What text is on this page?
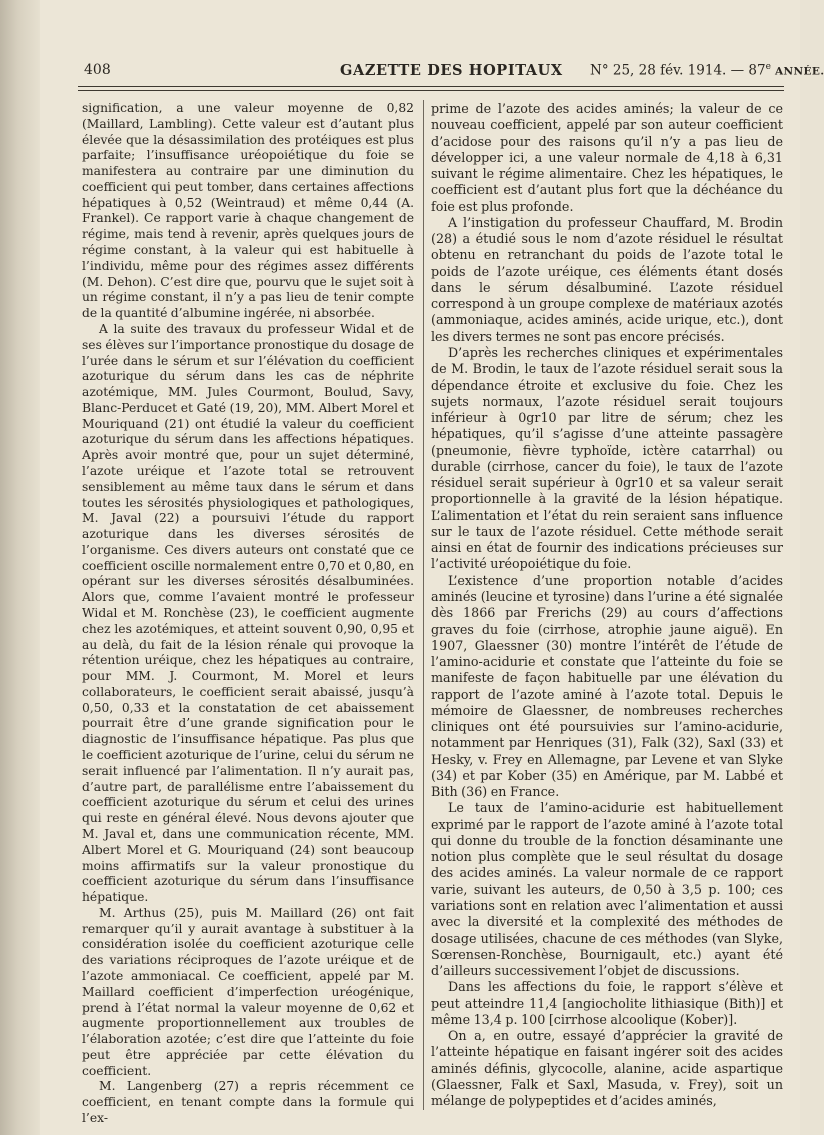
408	GAZETTE DES HOPITAUX N° 25, 28 fév. 1914. — 87e ANNÉE.

signification, a une valeur moyenne de 0,82 (Maillard, Lambling). Cette valeur est d’autant plus élevée que la désassimilation des protéiques est plus parfaite; l’insuffisance uréopoiétique du foie se manifestera au contraire par une diminution du coefficient qui peut tomber, dans certaines affections hépatiques à 0,52 (Weintraud) et même 0,44 (A. Frankel). Ce rapport varie à chaque changement de régime, mais tend à revenir, après quelques jours de régime constant, à la valeur qui est habituelle à l’individu, même pour des régimes assez différents (M. Dehon). C’est dire que, pourvu que le sujet soit à un régime constant, il n’y a pas lieu de tenir compte de la quantité d’albumine ingérée, ni absorbée.

A la suite des travaux du professeur Widal et de ses élèves sur l’importance pronostique du dosage de l’urée dans le sérum et sur l’élévation du coefficient azoturique du sérum dans les cas de néphrite azotémique, MM. Jules Courmont, Boulud, Savy, Blanc-Perducet et Gaté (19, 20), MM. Albert Morel et Mouriquand (21) ont étudié la valeur du coefficient azoturique du sérum dans les affections hépatiques. Après avoir montré que, pour un sujet déterminé, l’azote uréique et l’azote total se retrouvent sensiblement au même taux dans le sérum et dans toutes les sérosités physiologiques et pathologiques, M. Javal (22) a poursuivi l’étude du rapport azoturique dans les diverses sérosités de l’organisme. Ces divers auteurs ont constaté que ce coefficient oscille normalement entre 0,70 et 0,80, en opérant sur les diverses sérosités désalbuminées. Alors que, comme l’avaient montré le professeur Widal et M. Ronchèse (23), le coefficient augmente chez les azotémiques, et atteint souvent 0,90, 0,95 et au delà, du fait de la lésion rénale qui provoque la rétention uréique, chez les hépatiques au contraire, pour MM. J. Courmont, M. Morel et leurs collaborateurs, le coefficient serait abaissé, jusqu’à 0,50, 0,33 et la constatation de cet abaissement pourrait être d’une grande signification pour le diagnostic de l’insuffisance hépatique. Pas plus que le coefficient azoturique de l’urine, celui du sérum ne serait influencé par l’alimentation. Il n’y aurait pas, d’autre part, de parallélisme entre l’abaissement du coefficient azoturique du sérum et celui des urines qui reste en général élevé. Nous devons ajouter que M. Javal et, dans une communication récente, MM. Albert Morel et G. Mouriquand (24) sont beaucoup moins affirmatifs sur la valeur pronostique du coefficient azoturique du sérum dans l’insuffisance hépatique.

M. Arthus (25), puis M. Maillard (26) ont fait remarquer qu’il y aurait avantage à substituer à la considération isolée du coefficient azoturique celle des variations réciproques de l’azote uréique et de l’azote ammoniacal. Ce coefficient, appelé par M. Maillard coefficient d’imperfection uréogénique, prend à l’état normal la valeur moyenne de 0,62 et augmente proportionnellement aux troubles de l’élaboration azotée; c’est dire que l’atteinte du foie peut être appréciée par cette élévation du coefficient.

M. Langenberg (27) a repris récemment ce coefficient, en tenant compte dans la formule qui l’ex-

prime de l’azote des acides aminés; la valeur de ce nouveau coefficient, appelé par son auteur coefficient d’acidose pour des raisons qu’il n’y a pas lieu de développer ici, a une valeur normale de 4,18 à 6,31 suivant le régime alimentaire. Chez les hépatiques, le coefficient est d’autant plus fort que la déchéance du foie est plus profonde.

A l’instigation du professeur Chauffard, M. Brodin (28) a étudié sous le nom d’azote résiduel le résultat obtenu en retranchant du poids de l’azote total le poids de l’azote uréique, ces éléments étant dosés dans le sérum désalbuminé. L’azote résiduel correspond à un groupe complexe de matériaux azotés (ammoniaque, acides aminés, acide urique, etc.), dont les divers termes ne sont pas encore précisés.

D’après les recherches cliniques et expérimentales de M. Brodin, le taux de l’azote résiduel serait sous la dépendance étroite et exclusive du foie. Chez les sujets normaux, l’azote résiduel serait toujours inférieur à 0gr10 par litre de sérum; chez les hépatiques, qu’il s’agisse d’une atteinte passagère (pneumonie, fièvre typhoïde, ictère catarrhal) ou durable (cirrhose, cancer du foie), le taux de l’azote résiduel serait supérieur à 0gr10 et sa valeur serait proportionnelle à la gravité de la lésion hépatique. L’alimentation et l’état du rein seraient sans influence sur le taux de l’azote résiduel. Cette méthode serait ainsi en état de fournir des indications précieuses sur l’activité uréopoiétique du foie.

L’existence d’une proportion notable d’acides aminés (leucine et tyrosine) dans l’urine a été signalée dès 1866 par Frerichs (29) au cours d’affections graves du foie (cirrhose, atrophie jaune aiguë). En 1907, Glaessner (30) montre l’intérêt de l’étude de l’amino-acidurie et constate que l’atteinte du foie se manifeste de façon habituelle par une élévation du rapport de l’azote aminé à l’azote total. Depuis le mémoire de Glaessner, de nombreuses recherches cliniques ont été poursuivies sur l’amino-acidurie, notamment par Henriques (31), Falk (32), Saxl (33) et Hesky, v. Frey en Allemagne, par Levene et van Slyke (34) et par Kober (35) en Amérique, par M. Labbé et Bith (36) en France.

Le taux de l’amino-acidurie est habituellement exprimé par le rapport de l’azote aminé à l’azote total qui donne du trouble de la fonction désaminante une notion plus complète que le seul résultat du dosage des acides aminés. La valeur normale de ce rapport varie, suivant les auteurs, de 0,50 à 3,5 p. 100; ces variations sont en relation avec l’alimentation et aussi avec la diversité et la complexité des méthodes de dosage utilisées, chacune de ces méthodes (van Slyke, Sœrensen-Ronchèse, Bournigault, etc.) ayant été d’ailleurs successivement l’objet de discussions.

Dans les affections du foie, le rapport s’élève et peut atteindre 11,4 [angiocholite lithiasique (Bith)] et même 13,4 p. 100 [cirrhose alcoolique (Kober)].

On a, en outre, essayé d’apprécier la gravité de l’atteinte hépatique en faisant ingérer soit des acides aminés définis, glycocolle, alanine, acide aspartique (Glaessner, Falk et Saxl, Masuda, v. Frey), soit un mélange de polypeptides et d’acides aminés,
